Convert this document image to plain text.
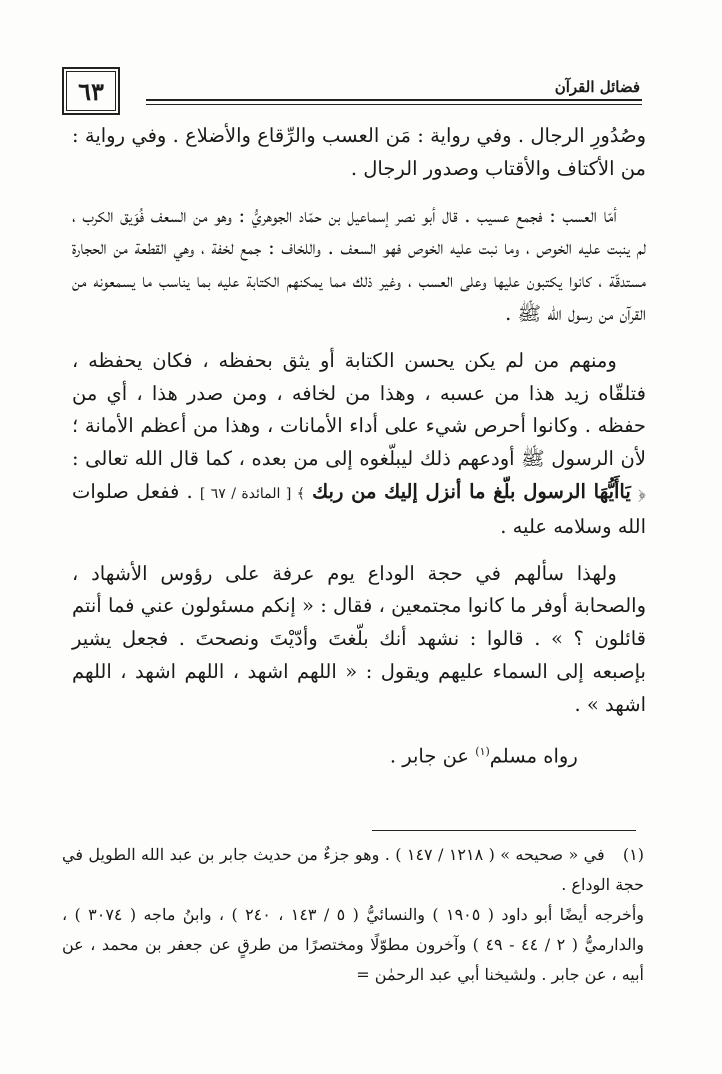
٦٣	فضائل القرآن

وصُدُورِ الرجال . وفي رواية : مَن العسب والرِّقاع والأضلاع . وفي رواية : من الأكتاف والأقتاب وصدور الرجال .

أمّا العسب : فجمع عسيب . قال أبو نصر إسماعيل بن حمّاد الجوهريُّ : وهو من السعف فُوَيق الكرب ، لم ينبت عليه الخوص ، وما نبت عليه الخوص فهو السعف . واللخاف : جمع لخفة ، وهي القطعة من الحجارة مستدقّة ، كانوا يكتبون عليها وعلى العسب ، وغير ذلك مما يمكنهم الكتابة عليه بما يناسب ما يسمعونه من القرآن من رسول الله ﷺ .

ومنهم من لم يكن يحسن الكتابة أو يثق بحفظه ، فكان يحفظه ، فتلقّاه زيد هذا من عسبه ، وهذا من لخافه ، ومن صدر هذا ، أي من حفظه . وكانوا أحرص شيء على أداء الأمانات ، وهذا من أعظم الأمانة ؛ لأن الرسول ﷺ أودعهم ذلك ليبلّغوه إلى من بعده ، كما قال الله تعالى : ﴿ يَاأَيُّهَا الرسول بلّغ ما أنزل إليك من ربك ﴾ [ المائدة / ٦٧ ] . ففعل صلوات الله وسلامه عليه .

ولهذا سألهم في حجة الوداع يوم عرفة على رؤوس الأشهاد ، والصحابة أوفر ما كانوا مجتمعين ، فقال : « إنكم مسئولون عني فما أنتم قائلون ؟ » . قالوا : نشهد أنك بلّغتَ وأدّيْتَ ونصحتَ . فجعل يشير بإصبعه إلى السماء عليهم ويقول : « اللهم اشهد ، اللهم اشهد ، اللهم اشهد » .

رواه مسلم$^{(١)}$ عن جابر .

(١) في « صحيحه » ( ١٢١٨ / ١٤٧ ) . وهو جزءٌ من حديث جابر بن عبد الله الطويل في حجة الوداع .

وأخرجه أيضًا أبو داود ( ١٩٠٥ ) والنسائيُّ ( ٥ / ١٤٣ ، ٢٤٠ ) ، وابنُ ماجه ( ٣٠٧٤ ) ، والدارميُّ ( ٢ / ٤٤ - ٤٩ ) وآخرون مطوّلًا ومختصرًا من طرقٍ عن جعفر بن محمد ، عن أبيه ، عن جابر . ولشيخنا أبي عبد الرحمٰن =
